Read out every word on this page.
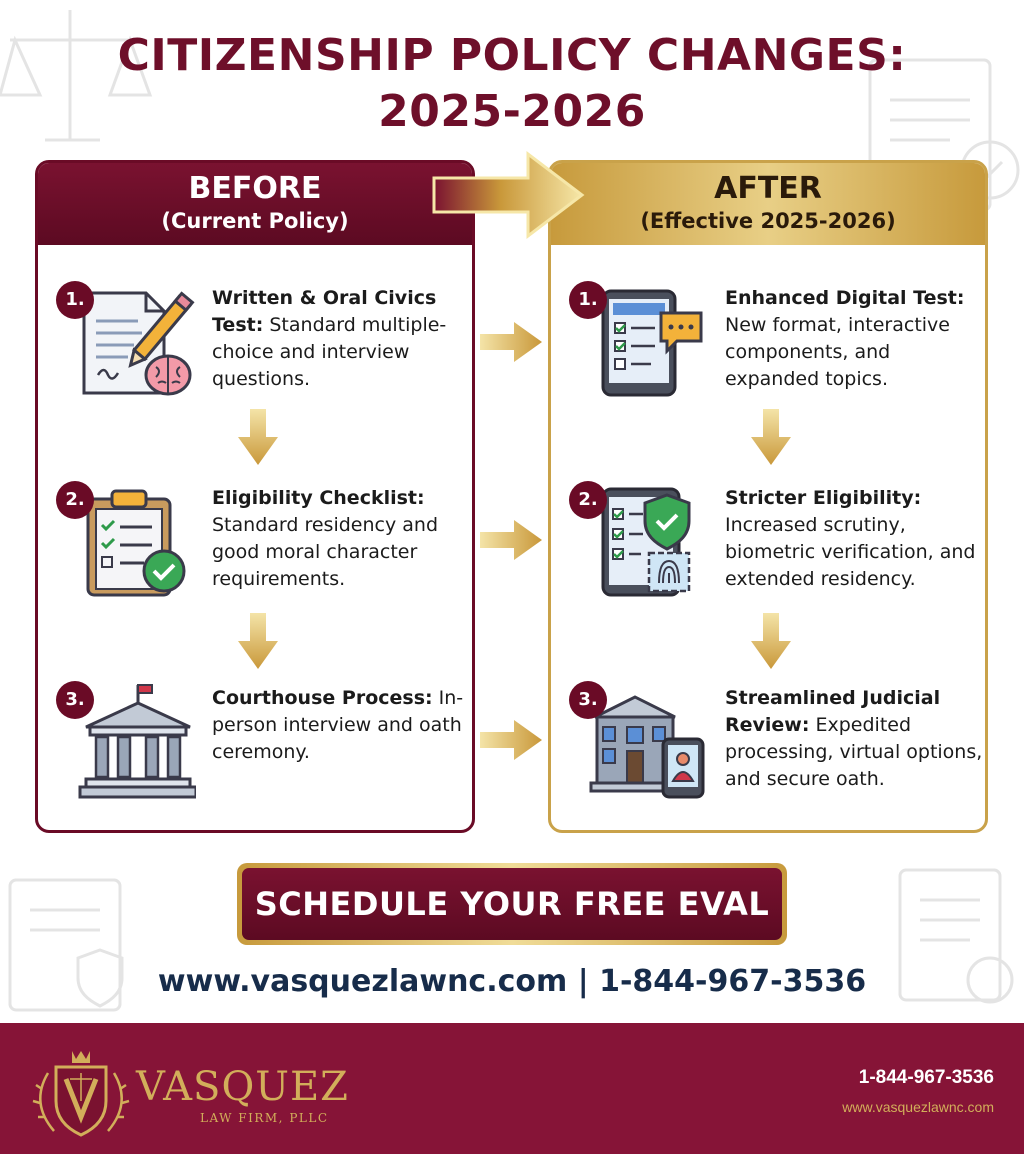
CITIZENSHIP POLICY CHANGES:
2025-2026
BEFORE
(Current Policy)
1.	Written & Oral Civics Test: Standard multiple-choice and interview questions.
2.	Eligibility Checklist: Standard residency and good moral character requirements.
3.	Courthouse Process: In-person interview and oath ceremony.
AFTER
(Effective 2025-2026)
1.	Enhanced Digital Test: New format, interactive components, and expanded topics.
2.	Stricter Eligibility: Increased scrutiny, biometric verification, and extended residency.
3.	Streamlined Judicial Review: Expedited processing, virtual options, and secure oath.
SCHEDULE YOUR FREE EVAL
www.vasquezlawnc.com | 1-844-967-3536
VASQUEZ
LAW FIRM, PLLC
1-844-967-3536
www.vasquezlawnc.com
